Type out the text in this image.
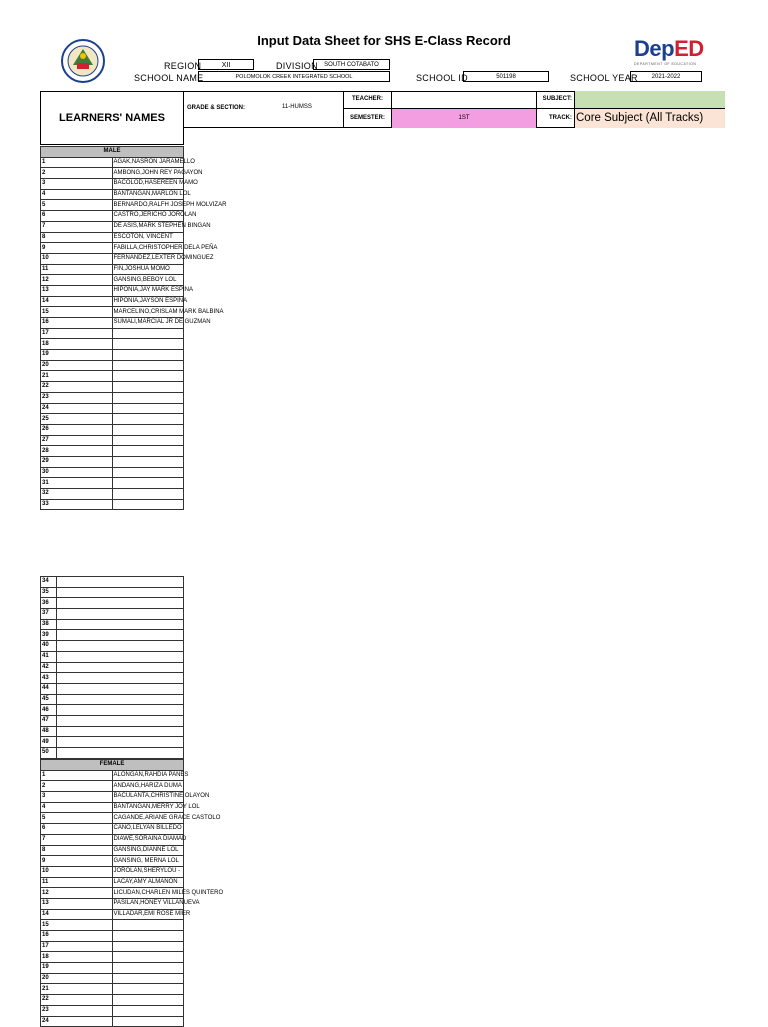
Input Data Sheet for SHS E-Class Record	DepED
DEPARTMENT OF EDUCATION
REGION	XII	DIVISION	SOUTH COTABATO
SCHOOL NAME	POLOMOLOK CREEK INTEGRATED SCHOOL	SCHOOL ID	501198	SCHOOL YEAR	2021-2022
LEARNERS' NAMES
GRADE & SECTION:	11-HUMSS
TEACHER:
SEMESTER:	1ST
SUBJECT:
TRACK: Core Subject (All Tracks)
MALE	
1	AGAK,NASRON JARAMELLO
2	AMBONG,JOHN REY PAGAYON
3	BACOLOD,HASEREEN MAMO
4	BANTANGAN,MARLON LOL
5	BERNARDO,RALFH JOSEPH MOLVIZAR
6	CASTRO,JERICHO JOROLAN
7	DE ASIS,MARK STEPHEN BINGAN
8	ESCOTON, VINCENT
9	FABILLA,CHRISTOPHER DELA PEÑA
10	FERNANDEZ,LEXTER DOMINGUEZ
11	FIN,JOSHUA MOMO
12	GANSING,BEBOY LOL
13	HIPONIA,JAY MARK ESPINA
14	HIPONIA,JAYSON ESPINA
15	MARCELINO,CRISLAM MARK BALBINA
16	SUMALI,MARCIAL JR DE GUZMAN
17	
18	
19	
20	
21	
22	
23	
24	
25	
26	
27	
28	
29	
30	
31	
32	
33	
34	
35	
36	
37	
38	
39	
40	
41	
42	
43	
44	
45	
46	
47	
48	
49	
50	
FEMALE	
1	ALONGAN,RAHDIA PANES
2	ANDANG,HARIZA DUMA
3	BACULANTA,CHRISTINE OLAYON
4	BANTANGAN,MERRY JOY LOL
5	CAGANDE,ARIANE GRACE CASTOLO
6	CANO,LELYAN BILLEDO
7	DIAWE,SORAINA DIAMAD
8	GANSING,DIANNE LOL
9	GANSING, MERNA LOL
10	JOROLAN,SHERYLOU -
11	LACAY,AMY ALMANON
12	LICUDAN,CHARLEN MILES QUINTERO
13	PASILAN,HONEY VILLANUEVA
14	VILLADAR,EMI ROSE MIER
15	
16	
17	
18	
19	
20	
21	
22	
23	
24	
